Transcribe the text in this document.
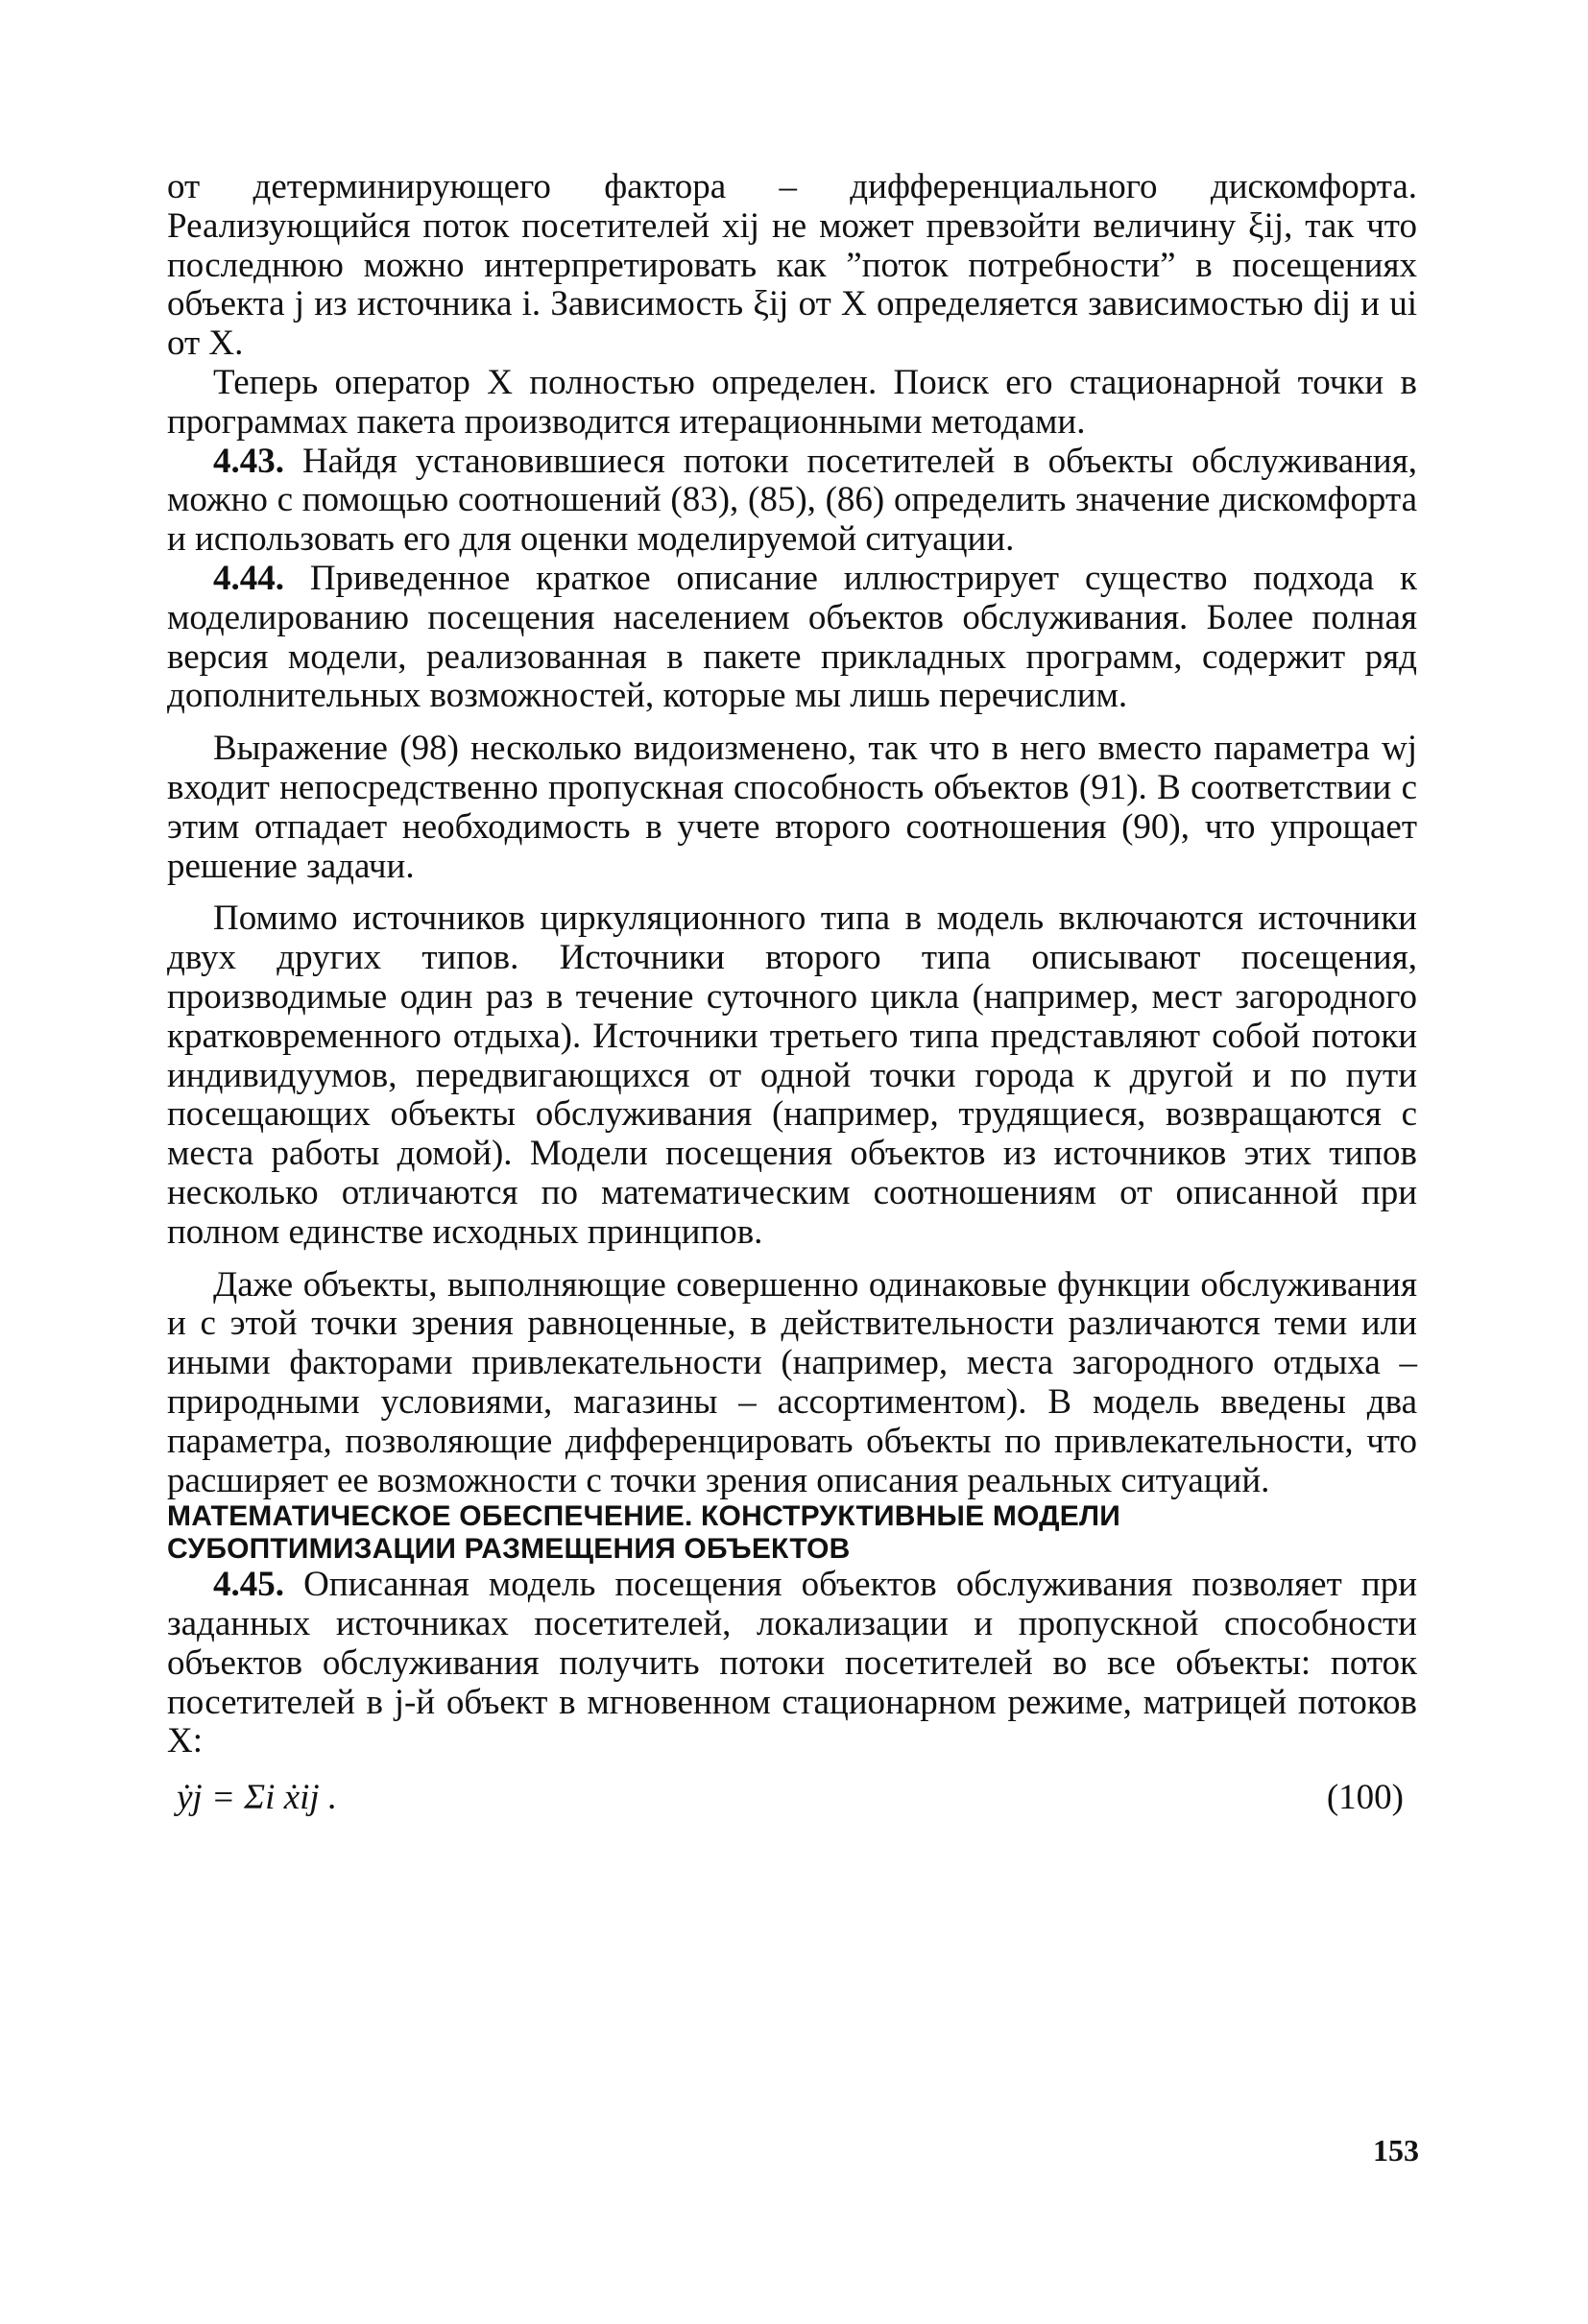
от детерминирующего фактора – дифференциального дискомфорта. Реализующийся поток посетителей xij не может превзойти величину ξij, так что последнюю можно интерпретировать как ”поток потребности” в посещениях объекта j из источника i. Зависимость ξij от X определяется зависимостью dij и ui от X.

Теперь оператор X полностью определен. Поиск его стационарной точки в программах пакета производится итерационными методами.

4.43. Найдя установившиеся потоки посетителей в объекты обслуживания, можно с помощью соотношений (83), (85), (86) определить значение дискомфорта и использовать его для оценки моделируемой ситуации.

4.44. Приведенное краткое описание иллюстрирует существо подхода к моделированию посещения населением объектов обслуживания. Более полная версия модели, реализованная в пакете прикладных программ, содержит ряд дополнительных возможностей, которые мы лишь перечислим.

Выражение (98) несколько видоизменено, так что в него вместо параметра wj входит непосредственно пропускная способность объектов (91). В соответствии с этим отпадает необходимость в учете второго соотношения (90), что упрощает решение задачи.

Помимо источников циркуляционного типа в модель включаются источники двух других типов. Источники второго типа описывают посещения, производимые один раз в течение суточного цикла (например, мест загородного кратковременного отдыха). Источники третьего типа представляют собой потоки индивидуумов, передвигающихся от одной точки города к другой и по пути посещающих объекты обслуживания (например, трудящиеся, возвращаются с места работы домой). Модели посещения объектов из источников этих типов несколько отличаются по математическим соотношениям от описанной при полном единстве исходных принципов.

Даже объекты, выполняющие совершенно одинаковые функции обслуживания и с этой точки зрения равноценные, в действительности различаются теми или иными факторами привлекательности (например, места загородного отдыха – природными условиями, магазины – ассортиментом). В модель введены два параметра, позволяющие дифференцировать объекты по привлекательности, что расширяет ее возможности с точки зрения описания реальных ситуаций.

МАТЕМАТИЧЕСКОЕ ОБЕСПЕЧЕНИЕ. КОНСТРУКТИВНЫЕ МОДЕЛИ СУБОПТИМИЗАЦИИ РАЗМЕЩЕНИЯ ОБЪЕКТОВ

4.45. Описанная модель посещения объектов обслуживания позволяет при заданных источниках посетителей, локализации и пропускной способности объектов обслуживания получить потоки посетителей во все объекты: поток посетителей в j-й объект в мгновенном стационарном режиме, матрицей потоков X:

ẏj = Σi ẋij .	(100)
153
